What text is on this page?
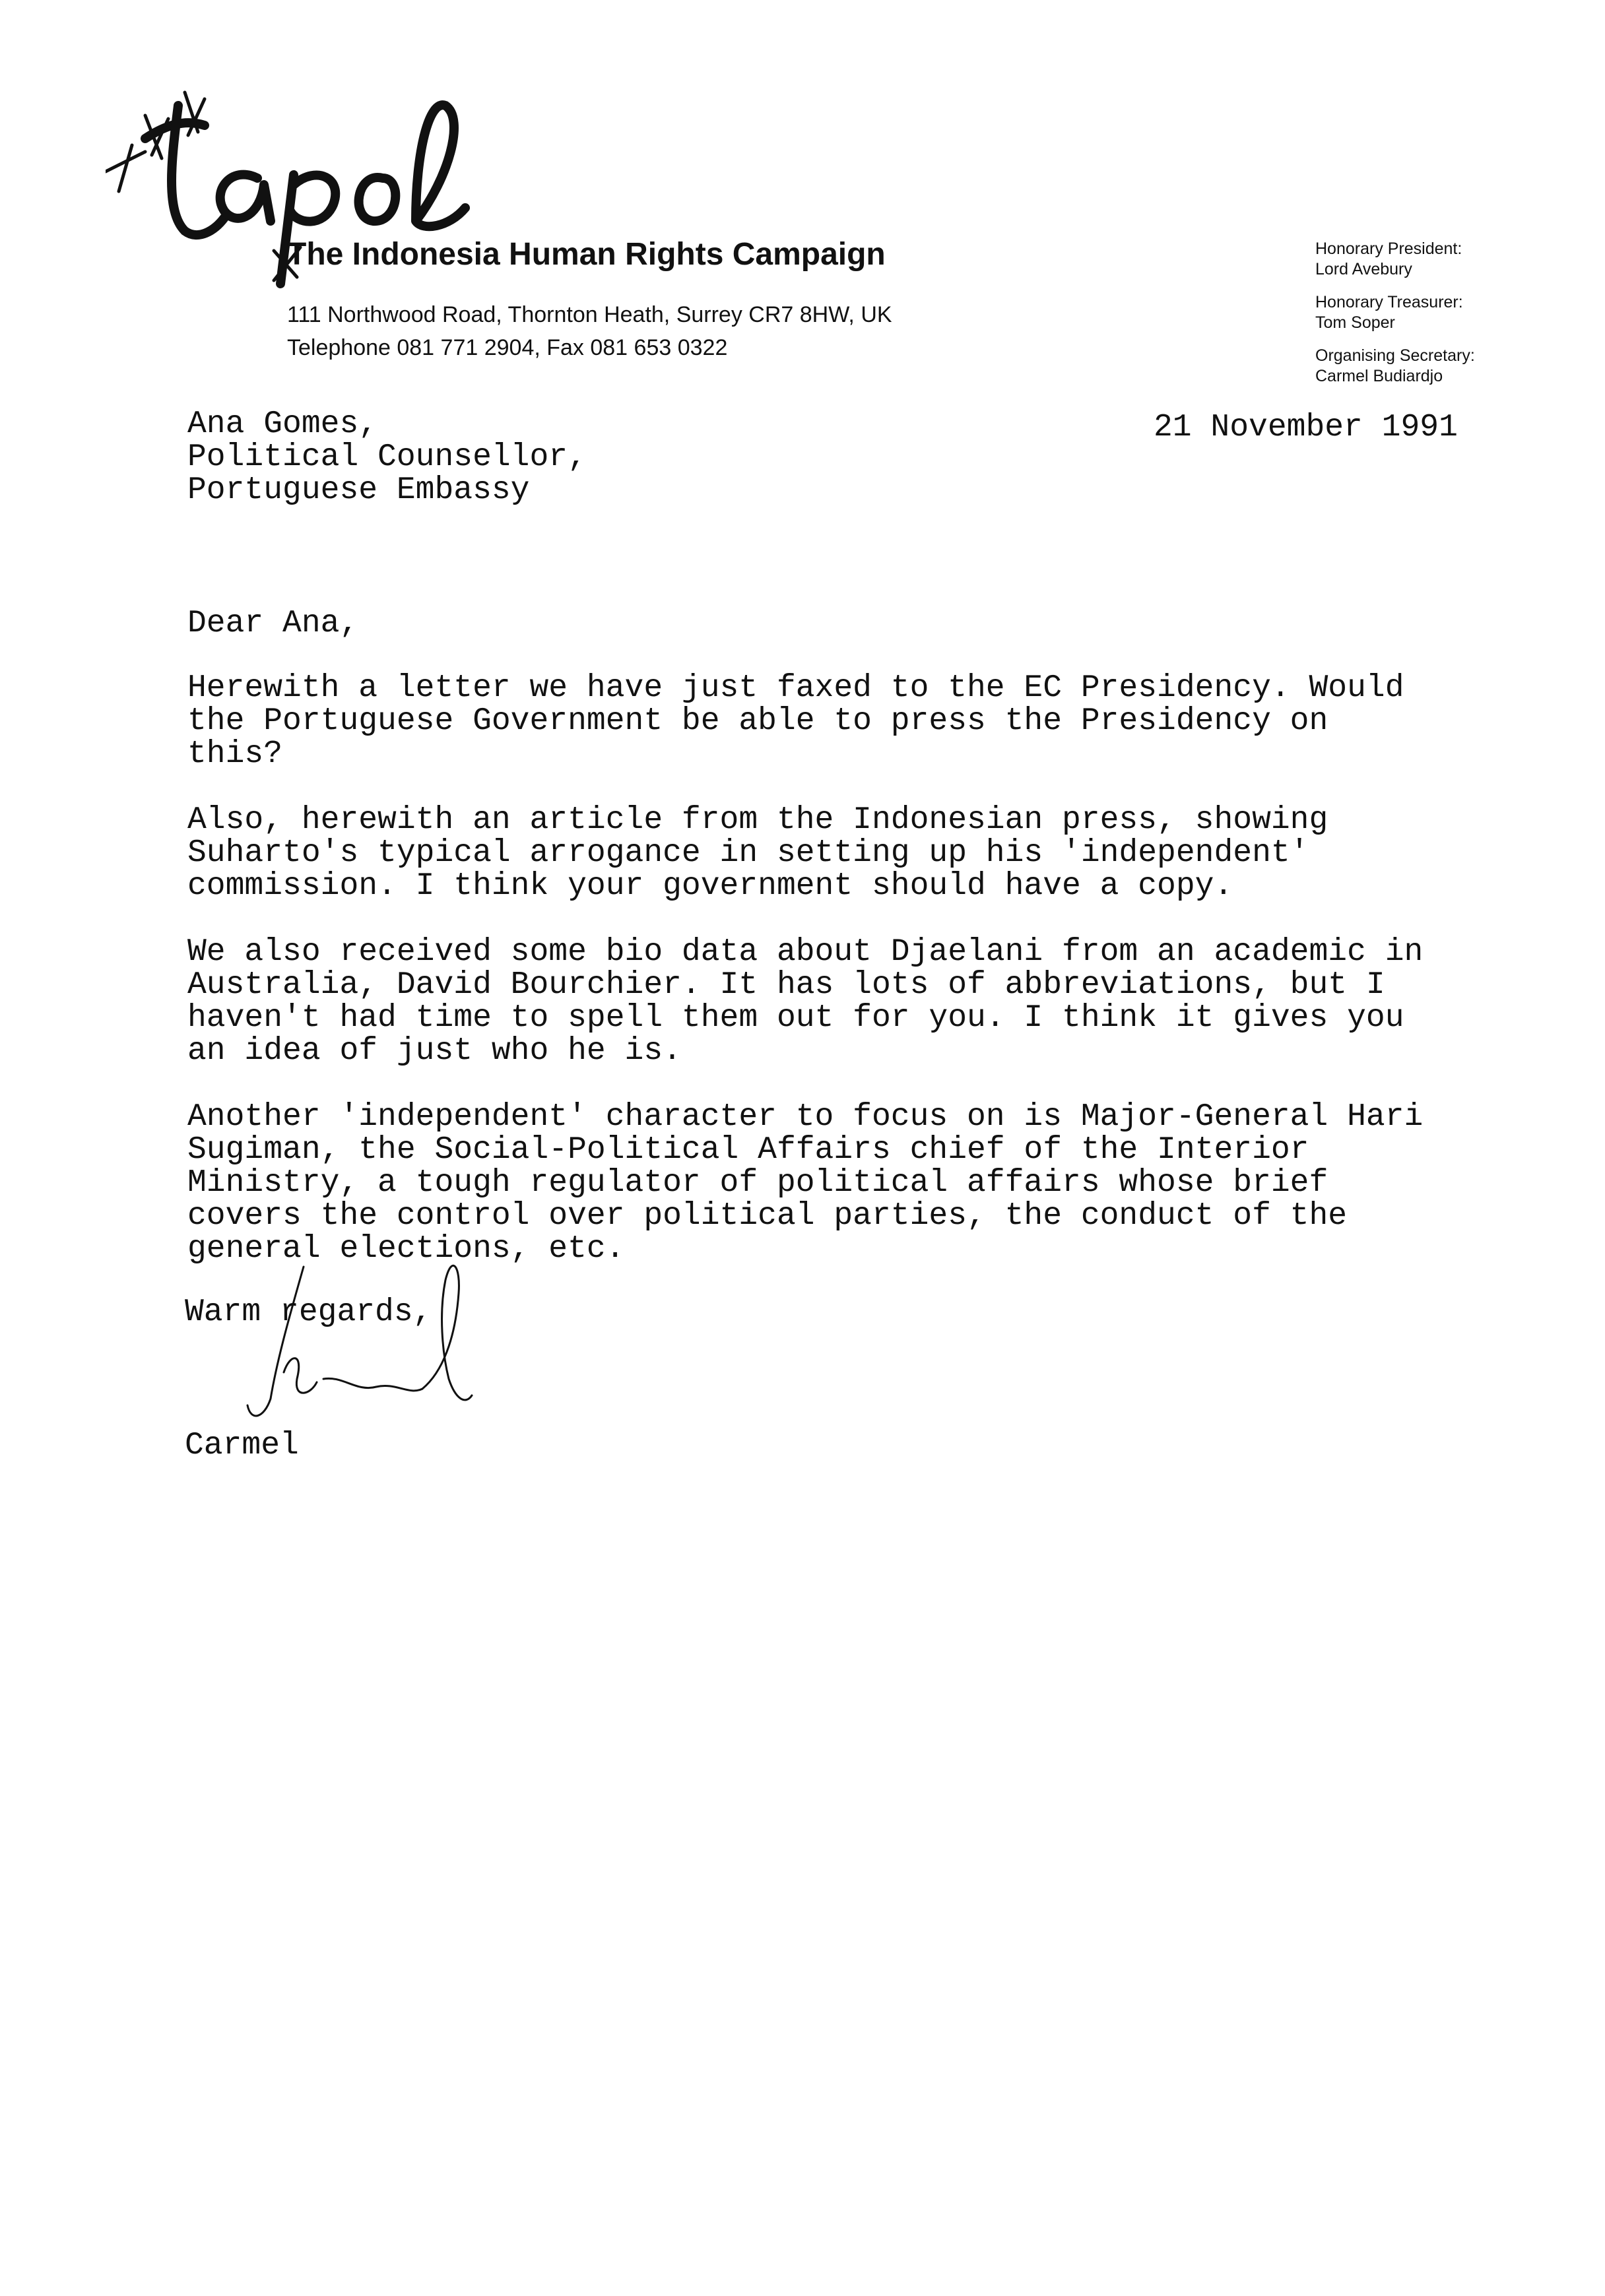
The Indonesia Human Rights Campaign
111 Northwood Road, Thornton Heath, Surrey CR7 8HW, UK
Telephone 081 771 2904, Fax 081 653 0322
Honorary President:
Lord Avebury
Honorary Treasurer:
Tom Soper
Organising Secretary:
Carmel Budiardjo
Ana Gomes,
Political Counsellor,
Portuguese Embassy
21 November 1991
Dear Ana,
Herewith a letter we have just faxed to the EC Presidency. Would
the Portuguese Government be able to press the Presidency on
this?
Also, herewith an article from the Indonesian press, showing
Suharto's typical arrogance in setting up his 'independent'
commission. I think your government should have a copy.
We also received some bio data about Djaelani from an academic in
Australia, David Bourchier. It has lots of abbreviations, but I
haven't had time to spell them out for you. I think it gives you
an idea of just who he is.
Another 'independent' character to focus on is Major-General Hari
Sugiman, the Social-Political Affairs chief of the Interior
Ministry, a tough regulator of political affairs whose brief
covers the control over political parties, the conduct of the
general elections, etc.
Warm regards,
Carmel
